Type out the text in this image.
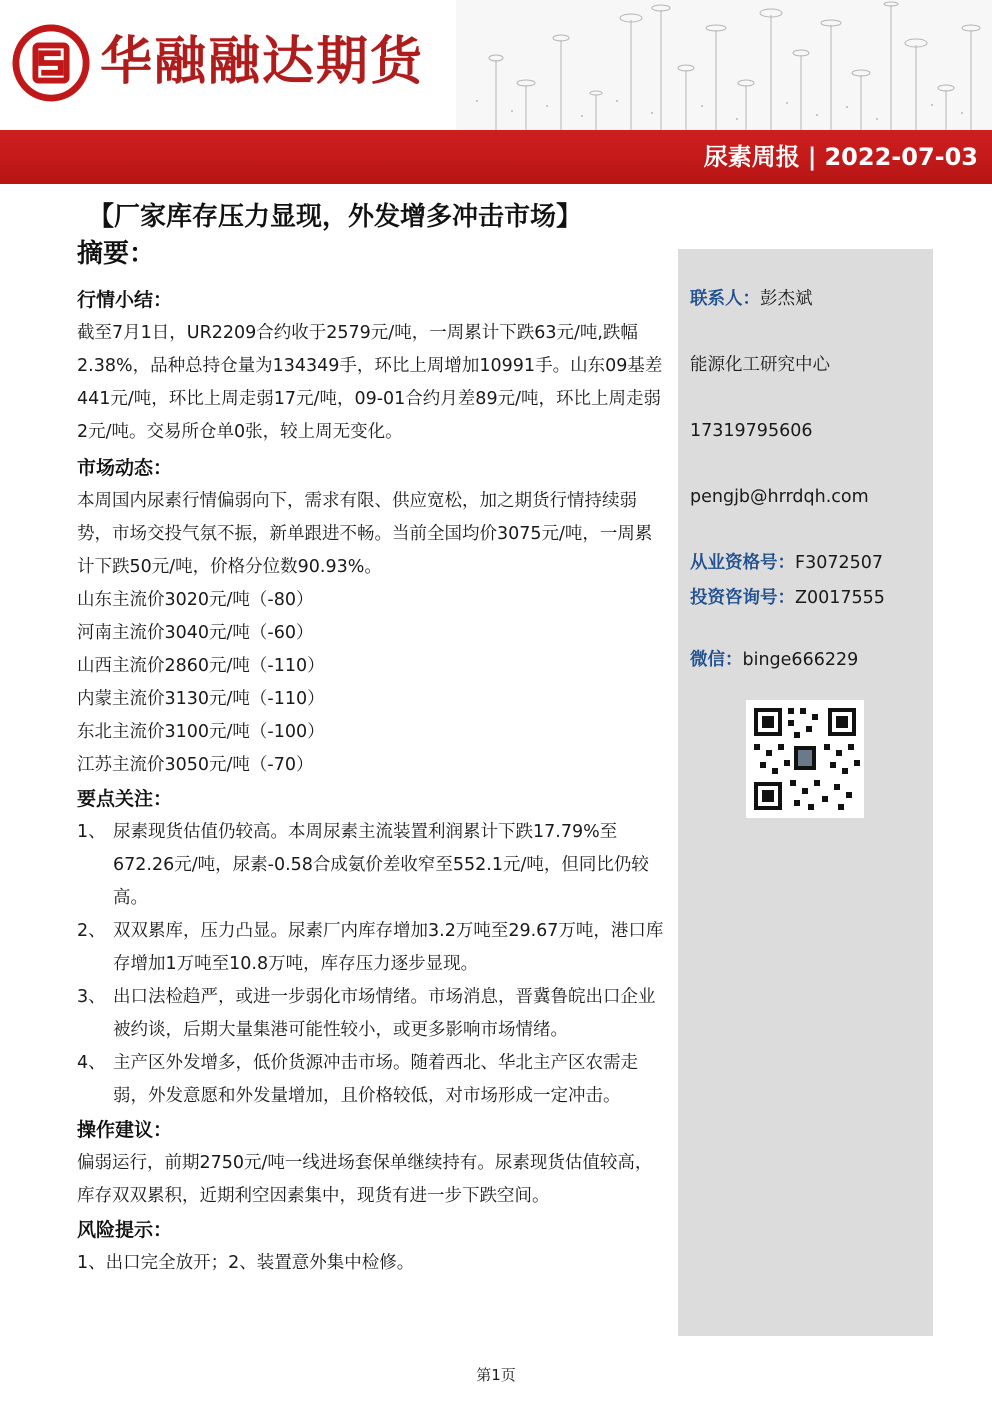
华融融达期货
尿素周报 | 2022-07-03
【厂家库存压力显现，外发增多冲击市场】
摘要：

行情小结：

截至7月1日，UR2209合约收于2579元/吨，一周累计下跌63元/吨,跌幅2.38%，品种总持仓量为134349手，环比上周增加10991手。山东09基差441元/吨，环比上周走弱17元/吨，09-01合约月差89元/吨，环比上周走弱2元/吨。交易所仓单0张，较上周无变化。

市场动态：

本周国内尿素行情偏弱向下，需求有限、供应宽松，加之期货行情持续弱势，市场交投气氛不振，新单跟进不畅。当前全国均价3075元/吨，一周累计下跌50元/吨，价格分位数90.93%。

山东主流价3020元/吨（-80）
河南主流价3040元/吨（-60）
山西主流价2860元/吨（-110）
内蒙主流价3130元/吨（-110）
东北主流价3100元/吨（-100）
江苏主流价3050元/吨（-70）

要点关注：

1、 尿素现货估值仍较高。本周尿素主流装置利润累计下跌17.79%至672.26元/吨，尿素-0.58合成氨价差收窄至552.1元/吨，但同比仍较高。
2、 双双累库，压力凸显。尿素厂内库存增加3.2万吨至29.67万吨，港口库存增加1万吨至10.8万吨，库存压力逐步显现。
3、 出口法检趋严，或进一步弱化市场情绪。市场消息，晋冀鲁皖出口企业被约谈，后期大量集港可能性较小，或更多影响市场情绪。
4、 主产区外发增多，低价货源冲击市场。随着西北、华北主产区农需走弱，外发意愿和外发量增加，且价格较低，对市场形成一定冲击。

操作建议：

偏弱运行，前期2750元/吨一线进场套保单继续持有。尿素现货估值较高，库存双双累积，近期利空因素集中，现货有进一步下跌空间。

风险提示：

1、出口完全放开；2、装置意外集中检修。

联系人：彭杰斌
能源化工研究中心
17319795606
pengjb@hrrdqh.com
从业资格号：F3072507
投资咨询号：Z0017555
微信：binge666229
第1页
